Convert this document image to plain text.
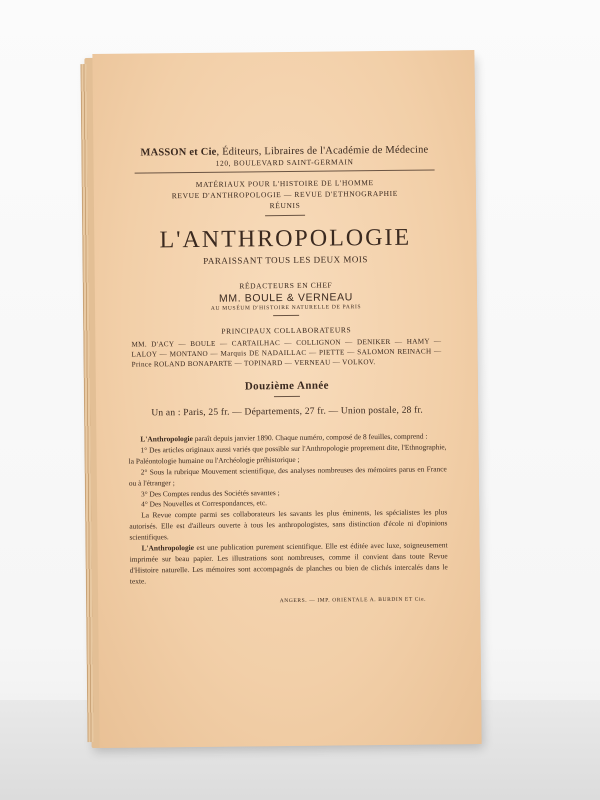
MASSON et Cie, Éditeurs, Libraires de l'Académie de Médecine
120, BOULEVARD SAINT-GERMAIN
MATÉRIAUX POUR L'HISTOIRE DE L'HOMME
REVUE D'ANTHROPOLOGIE — REVUE D'ETHNOGRAPHIE
RÉUNIS
L'ANTHROPOLOGIE
PARAISSANT TOUS LES DEUX MOIS
RÉDACTEURS EN CHEF
MM. BOULE & VERNEAU
AU MUSÉUM D'HISTOIRE NATURELLE DE PARIS
PRINCIPAUX COLLABORATEURS
MM. D'ACY — BOULE — CARTAILHAC — COLLIGNON — DENIKER — HAMY — LALOY — MONTANO — Marquis DE NADAILLAC — PIETTE — SALOMON REINACH — Prince ROLAND BONAPARTE — TOPINARD — VERNEAU — VOLKOV.
Douzième Année
Un an : Paris, 25 fr. — Départements, 27 fr. — Union postale, 28 fr.

L'Anthropologie paraît depuis janvier 1890. Chaque numéro, composé de 8 feuilles, comprend :

1° Des articles originaux aussi variés que possible sur l'Anthropologie proprement dite, l'Ethnographie, la Paléontologie humaine ou l'Archéologie préhistorique ;

2° Sous la rubrique Mouvement scientifique, des analyses nombreuses des mémoires parus en France ou à l'étranger ;

3° Des Comptes rendus des Sociétés savantes ;

4° Des Nouvelles et Correspondances, etc.

La Revue compte parmi ses collaborateurs les savants les plus éminents, les spécialistes les plus autorisés. Elle est d'ailleurs ouverte à tous les anthropologistes, sans distinction d'école ni d'opinions scientifiques.

L'Anthropologie est une publication purement scientifique. Elle est éditée avec luxe, soigneusement imprimée sur beau papier. Les illustrations sont nombreuses, comme il convient dans toute Revue d'Histoire naturelle. Les mémoires sont accompagnés de planches ou bien de clichés intercalés dans le texte.

ANGERS. — IMP. ORIENTALE A. BURDIN ET Cie.
